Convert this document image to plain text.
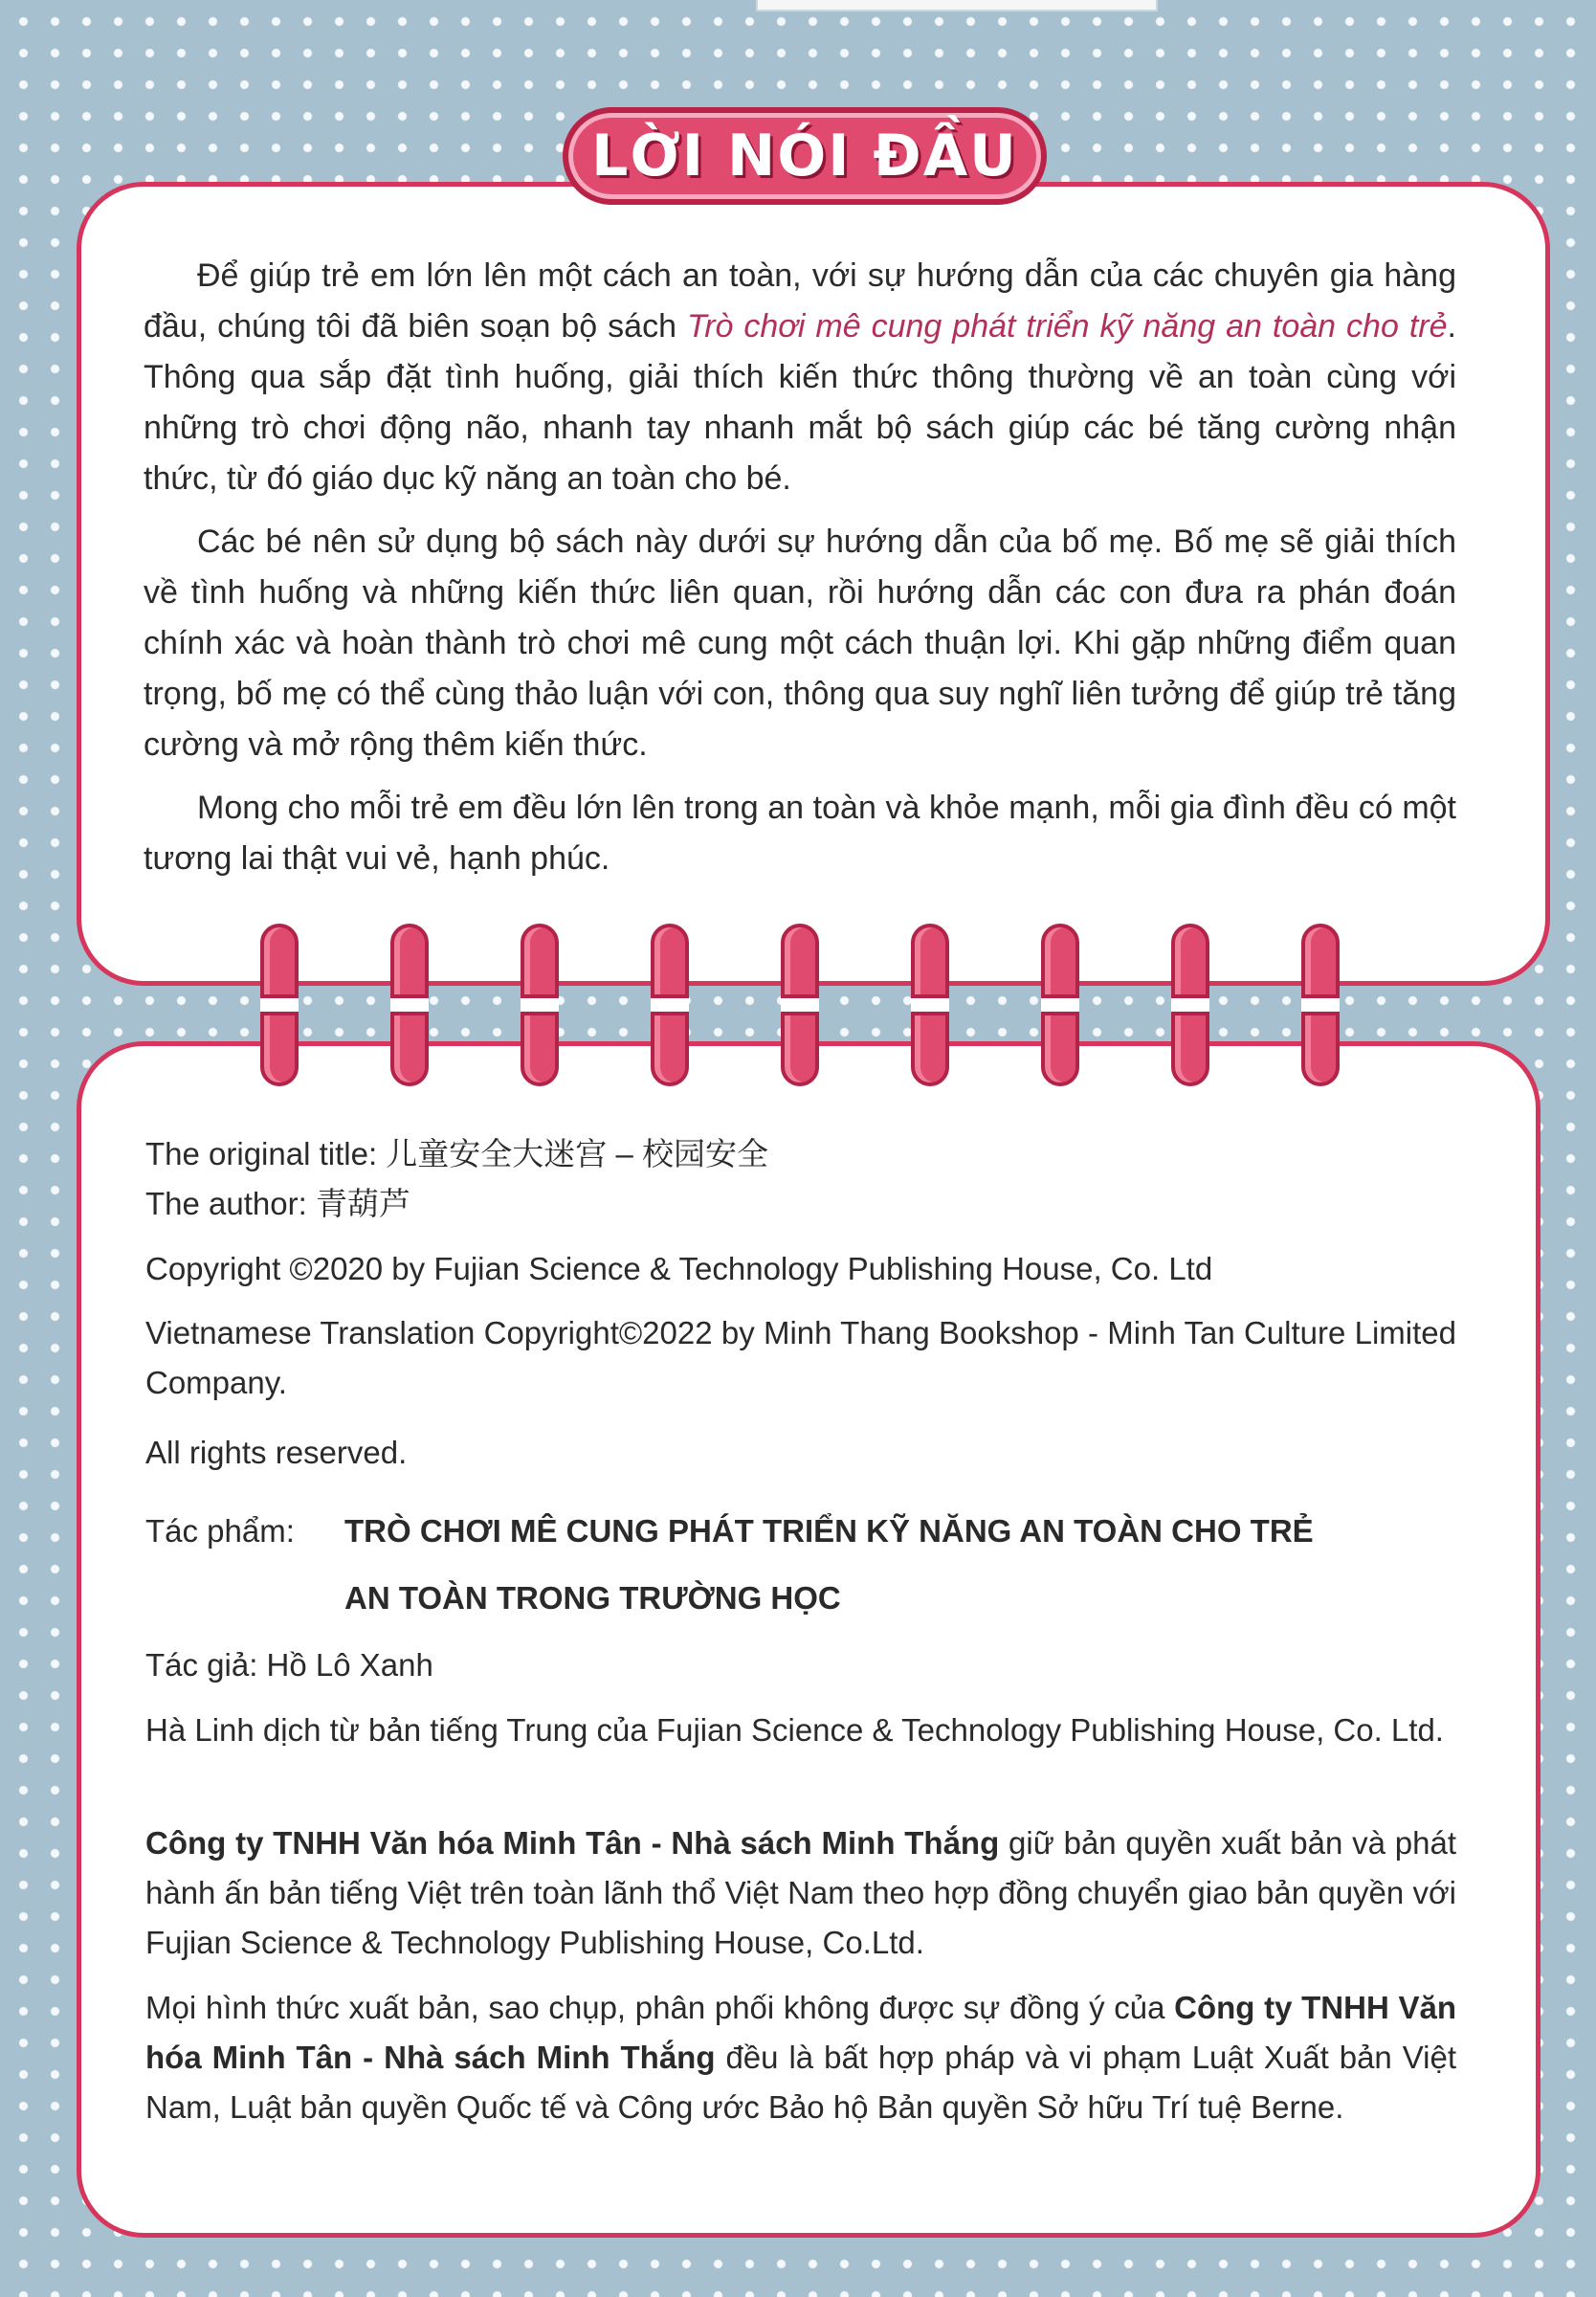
LỜI NÓI ĐẦU

Để giúp trẻ em lớn lên một cách an toàn, với sự hướng dẫn của các chuyên gia hàng đầu, chúng tôi đã biên soạn bộ sách Trò chơi mê cung phát triển kỹ năng an toàn cho trẻ. Thông qua sắp đặt tình huống, giải thích kiến thức thông thường về an toàn cùng với những trò chơi động não, nhanh tay nhanh mắt bộ sách giúp các bé tăng cường nhận thức, từ đó giáo dục kỹ năng an toàn cho bé.

Các bé nên sử dụng bộ sách này dưới sự hướng dẫn của bố mẹ. Bố mẹ sẽ giải thích về tình huống và những kiến thức liên quan, rồi hướng dẫn các con đưa ra phán đoán chính xác và hoàn thành trò chơi mê cung một cách thuận lợi. Khi gặp những điểm quan trọng, bố mẹ có thể cùng thảo luận với con, thông qua suy nghĩ liên tưởng để giúp trẻ tăng cường và mở rộng thêm kiến thức.

Mong cho mỗi trẻ em đều lớn lên trong an toàn và khỏe mạnh, mỗi gia đình đều có một tương lai thật vui vẻ, hạnh phúc.

The original title: 儿童安全大迷宫 – 校园安全
The author: 青葫芦
Copyright ©2020 by Fujian Science & Technology Publishing House, Co. Ltd
Vietnamese Translation Copyright©2022 by Minh Thang Bookshop - Minh Tan Culture Limited Company.
All rights reserved.
Tác phẩm:	TRÒ CHƠI MÊ CUNG PHÁT TRIỂN KỸ NĂNG AN TOÀN CHO TRẺ
AN TOÀN TRONG TRƯỜNG HỌC
Tác giả: Hồ Lô Xanh
Hà Linh dịch từ bản tiếng Trung của Fujian Science & Technology Publishing House, Co. Ltd.
Công ty TNHH Văn hóa Minh Tân - Nhà sách Minh Thắng giữ bản quyền xuất bản và phát hành ấn bản tiếng Việt trên toàn lãnh thổ Việt Nam theo hợp đồng chuyển giao bản quyền với Fujian Science & Technology Publishing House, Co.Ltd.
Mọi hình thức xuất bản, sao chụp, phân phối không được sự đồng ý của Công ty TNHH Văn hóa Minh Tân - Nhà sách Minh Thắng đều là bất hợp pháp và vi phạm Luật Xuất bản Việt Nam, Luật bản quyền Quốc tế và Công ước Bảo hộ Bản quyền Sở hữu Trí tuệ Berne.
